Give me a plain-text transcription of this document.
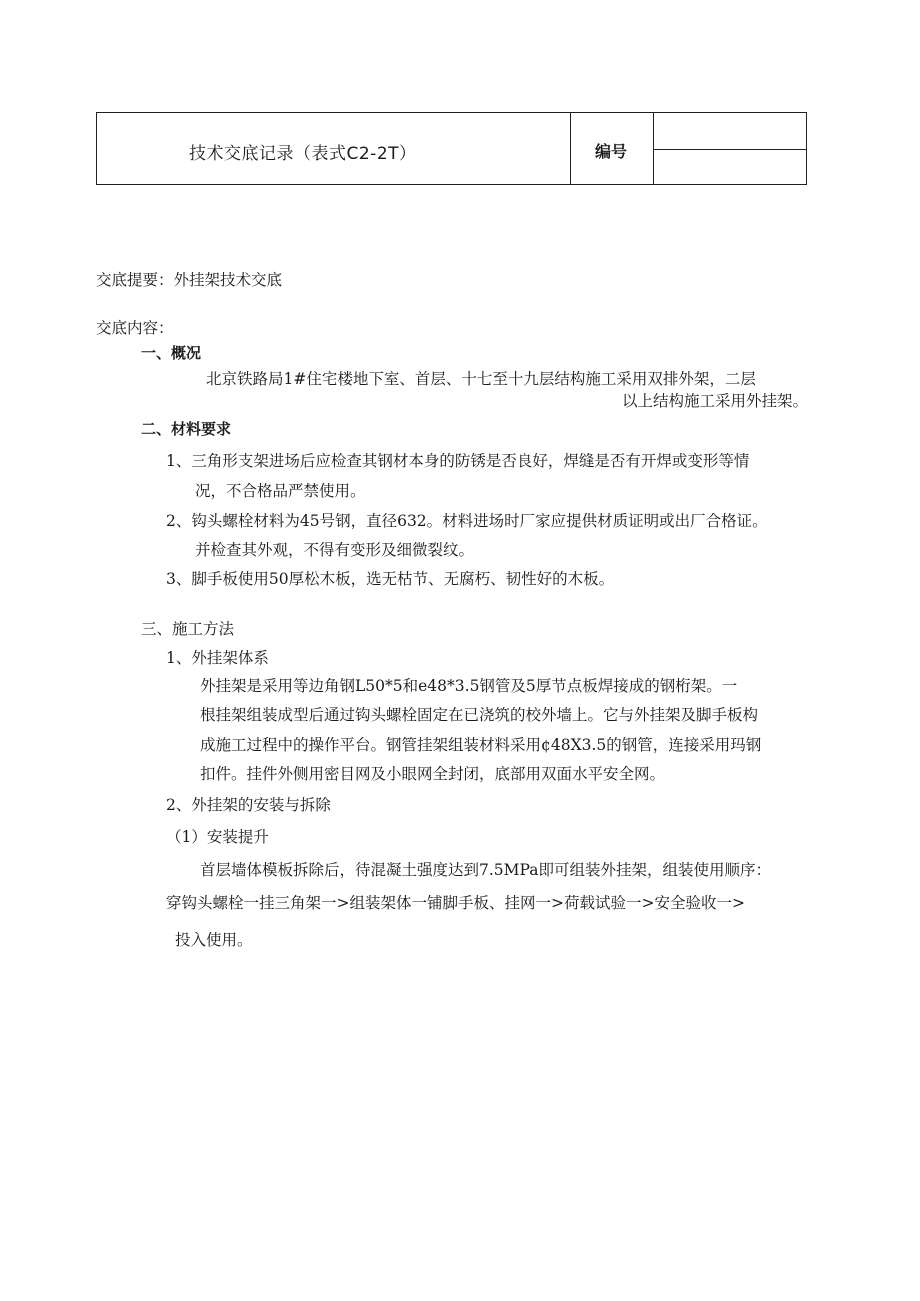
技术交底记录（表式C2-2T）	编号
交底提要：外挂架技术交底
交底内容：
一、概况
北京铁路局1#住宅楼地下室、首层、十七至十九层结构施工采用双排外架，二层
以上结构施工采用外挂架。
二、材料要求
1、三角形支架进场后应检查其钢材本身的防锈是否良好，焊缝是否有开焊或变形等情
况，不合格品严禁使用。
2、钩头螺栓材料为45号钢，直径632。材料进场时厂家应提供材质证明或出厂合格证。
并检查其外观，不得有变形及细微裂纹。
3、脚手板使用50厚松木板，选无枯节、无腐朽、韧性好的木板。
三、施工方法
1、外挂架体系
外挂架是采用等边角钢L50*5和e48*3.5钢管及5厚节点板焊接成的钢桁架。一
根挂架组装成型后通过钩头螺栓固定在已浇筑的校外墙上。它与外挂架及脚手板构
成施工过程中的操作平台。钢管挂架组装材料采用¢48X3.5的钢管，连接采用玛钢
扣件。挂件外侧用密目网及小眼网全封闭，底部用双面水平安全网。
2、外挂架的安装与拆除
（1）安装提升
首层墙体模板拆除后，待混凝土强度达到7.5MPa即可组装外挂架，组装使用顺序：
穿钩头螺栓一挂三角架一>组装架体一铺脚手板、挂网一>荷载试验一>安全验收一>
投入使用。
